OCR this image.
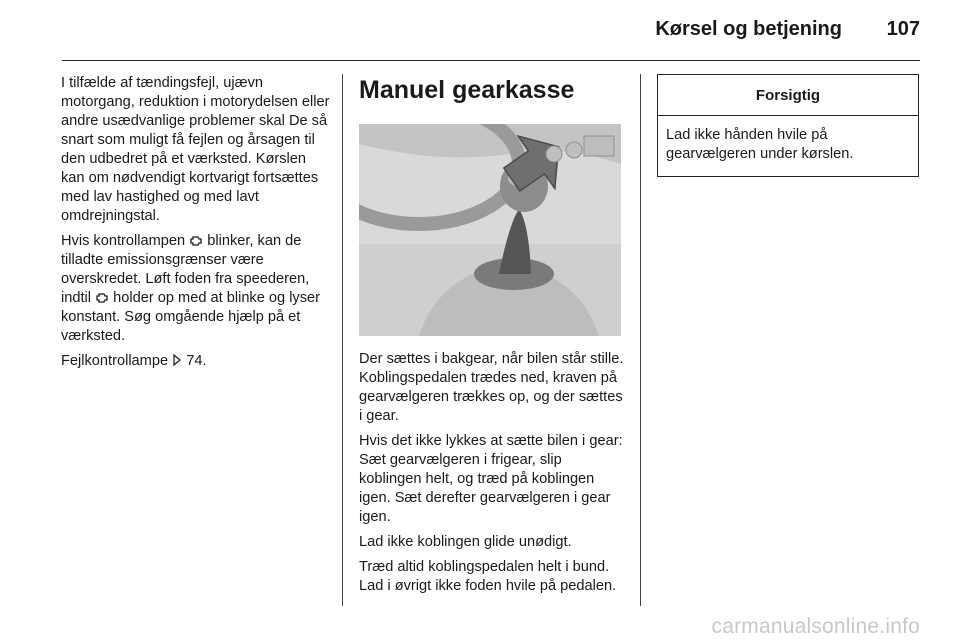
Kørsel og betjening 107

I tilfælde af tændingsfejl, ujævn motorgang, reduktion i motorydelsen eller andre usædvanlige problemer skal De så snart som muligt få fejlen og årsagen til den udbedret på et værksted. Kørslen kan om nødvendigt kortvarigt fortsættes med lav hastighed og med lavt omdrejningstal.

Hvis kontrollampen blinker, kan de tilladte emissionsgrænser være overskredet. Løft foden fra speederen, indtil holder op med at blinke og lyser konstant. Søg omgående hjælp på et værksted.

Fejlkontrollampe 74.

Manuel gearkasse

Der sættes i bakgear, når bilen står stille. Koblingspedalen trædes ned, kraven på gearvælgeren trækkes op, og der sættes i gear.

Hvis det ikke lykkes at sætte bilen i gear: Sæt gearvælgeren i frigear, slip koblingen helt, og træd på koblingen igen. Sæt derefter gearvælgeren i gear igen.

Lad ikke koblingen glide unødigt.

Træd altid koblingspedalen helt i bund. Lad i øvrigt ikke foden hvile på pedalen.

Forsigtig
Lad ikke hånden hvile på gearvælgeren under kørslen.
carmanualsonline.info
